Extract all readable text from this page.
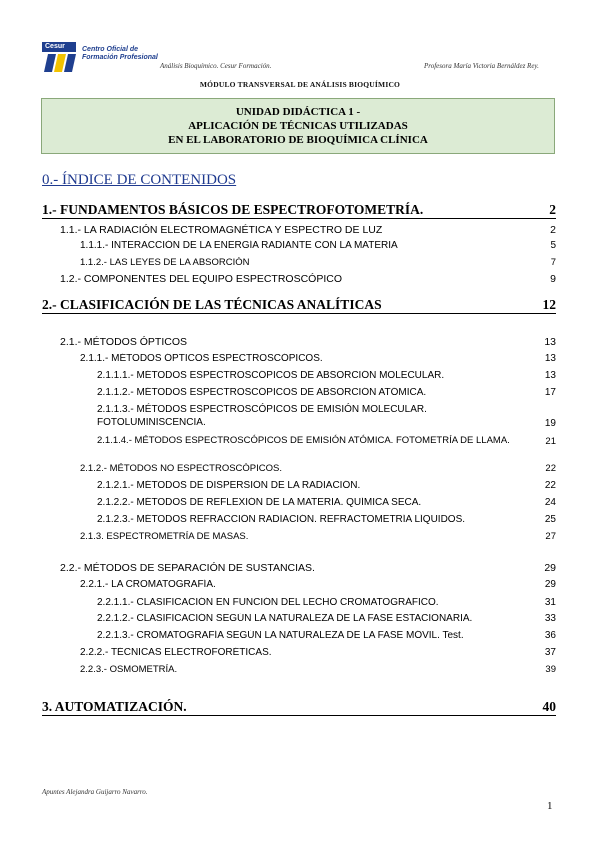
Cesur Centro Oficial de
Formación Profesional
Análisis Bioquímico. Cesur Formación.	Profesora María Victoria Bernáldez Rey.
MÓDULO TRANSVERSAL DE ANÁLISIS BIOQUÍMICO
UNIDAD DIDÁCTICA 1 -
APLICACIÓN DE TÉCNICAS UTILIZADAS
EN EL LABORATORIO DE BIOQUÍMICA CLÍNICA
0.- ÍNDICE DE CONTENIDOS
1.- FUNDAMENTOS BÁSICOS DE ESPECTROFOTOMETRÍA.	2
1.1.- LA RADIACIÓN ELECTROMAGNÉTICA Y ESPECTRO DE LUZ	2
1.1.1.- INTERACCIÓN DE LA ENERGÍA RADIANTE CON LA MATERIA	5
1.1.2.- LAS LEYES DE LA ABSORCIÓN	7
1.2.- COMPONENTES DEL EQUIPO ESPECTROSCÓPICO	9
2.- CLASIFICACIÓN DE LAS TÉCNICAS ANALÍTICAS	12
2.1.- MÉTODOS ÓPTICOS	13
2.1.1.- MÉTODOS ÓPTICOS ESPECTROSCÓPICOS.	13
2.1.1.1.- MÉTODOS ESPECTROSCÓPICOS DE ABSORCIÓN MOLECULAR.	13
2.1.1.2.- MÉTODOS ESPECTROSCÓPICOS DE ABSORCIÓN ATÓMICA.	17
2.1.1.3.- MÉTODOS ESPECTROSCÓPICOS DE EMISIÓN MOLECULAR. FOTOLUMINISCENCIA.	19
2.1.1.4.- MÉTODOS ESPECTROSCÓPICOS DE EMISIÓN ATÓMICA. FOTOMETRÍA DE LLAMA.	21
2.1.2.- MÉTODOS NO ESPECTROSCÓPICOS.	22
2.1.2.1.- MÉTODOS DE DISPERSIÓN DE LA RADIACIÓN.	22
2.1.2.2.- MÉTODOS DE REFLEXIÓN DE LA MATERIA. QUÍMICA SECA.	24
2.1.2.3.- MÉTODOS REFRACCIÓN RADIACIÓN. REFRACTOMETRÍA LÍQUIDOS.	25
2.1.3. ESPECTROMETRÍA DE MASAS.	27
2.2.- MÉTODOS DE SEPARACIÓN DE SUSTANCIAS.	29
2.2.1.- LA CROMATOGRAFÍA.	29
2.2.1.1.- CLASIFICACIÓN EN FUNCIÓN DEL LECHO CROMATOGRÁFICO.	31
2.2.1.2.- CLASIFICACIÓN SEGÚN LA NATURALEZA DE LA FASE ESTACIONARIA.	33
2.2.1.3.- CROMATOGRAFÍA SEGÚN LA NATURALEZA DE LA FASE MÓVIL. Test.	36
2.2.2.- TÉCNICAS ELECTROFORÉTICAS.	37
2.2.3.- OSMOMETRÍA.	39
3. AUTOMATIZACIÓN.	40
Apuntes Alejandra Guijarro Navarro.
1
